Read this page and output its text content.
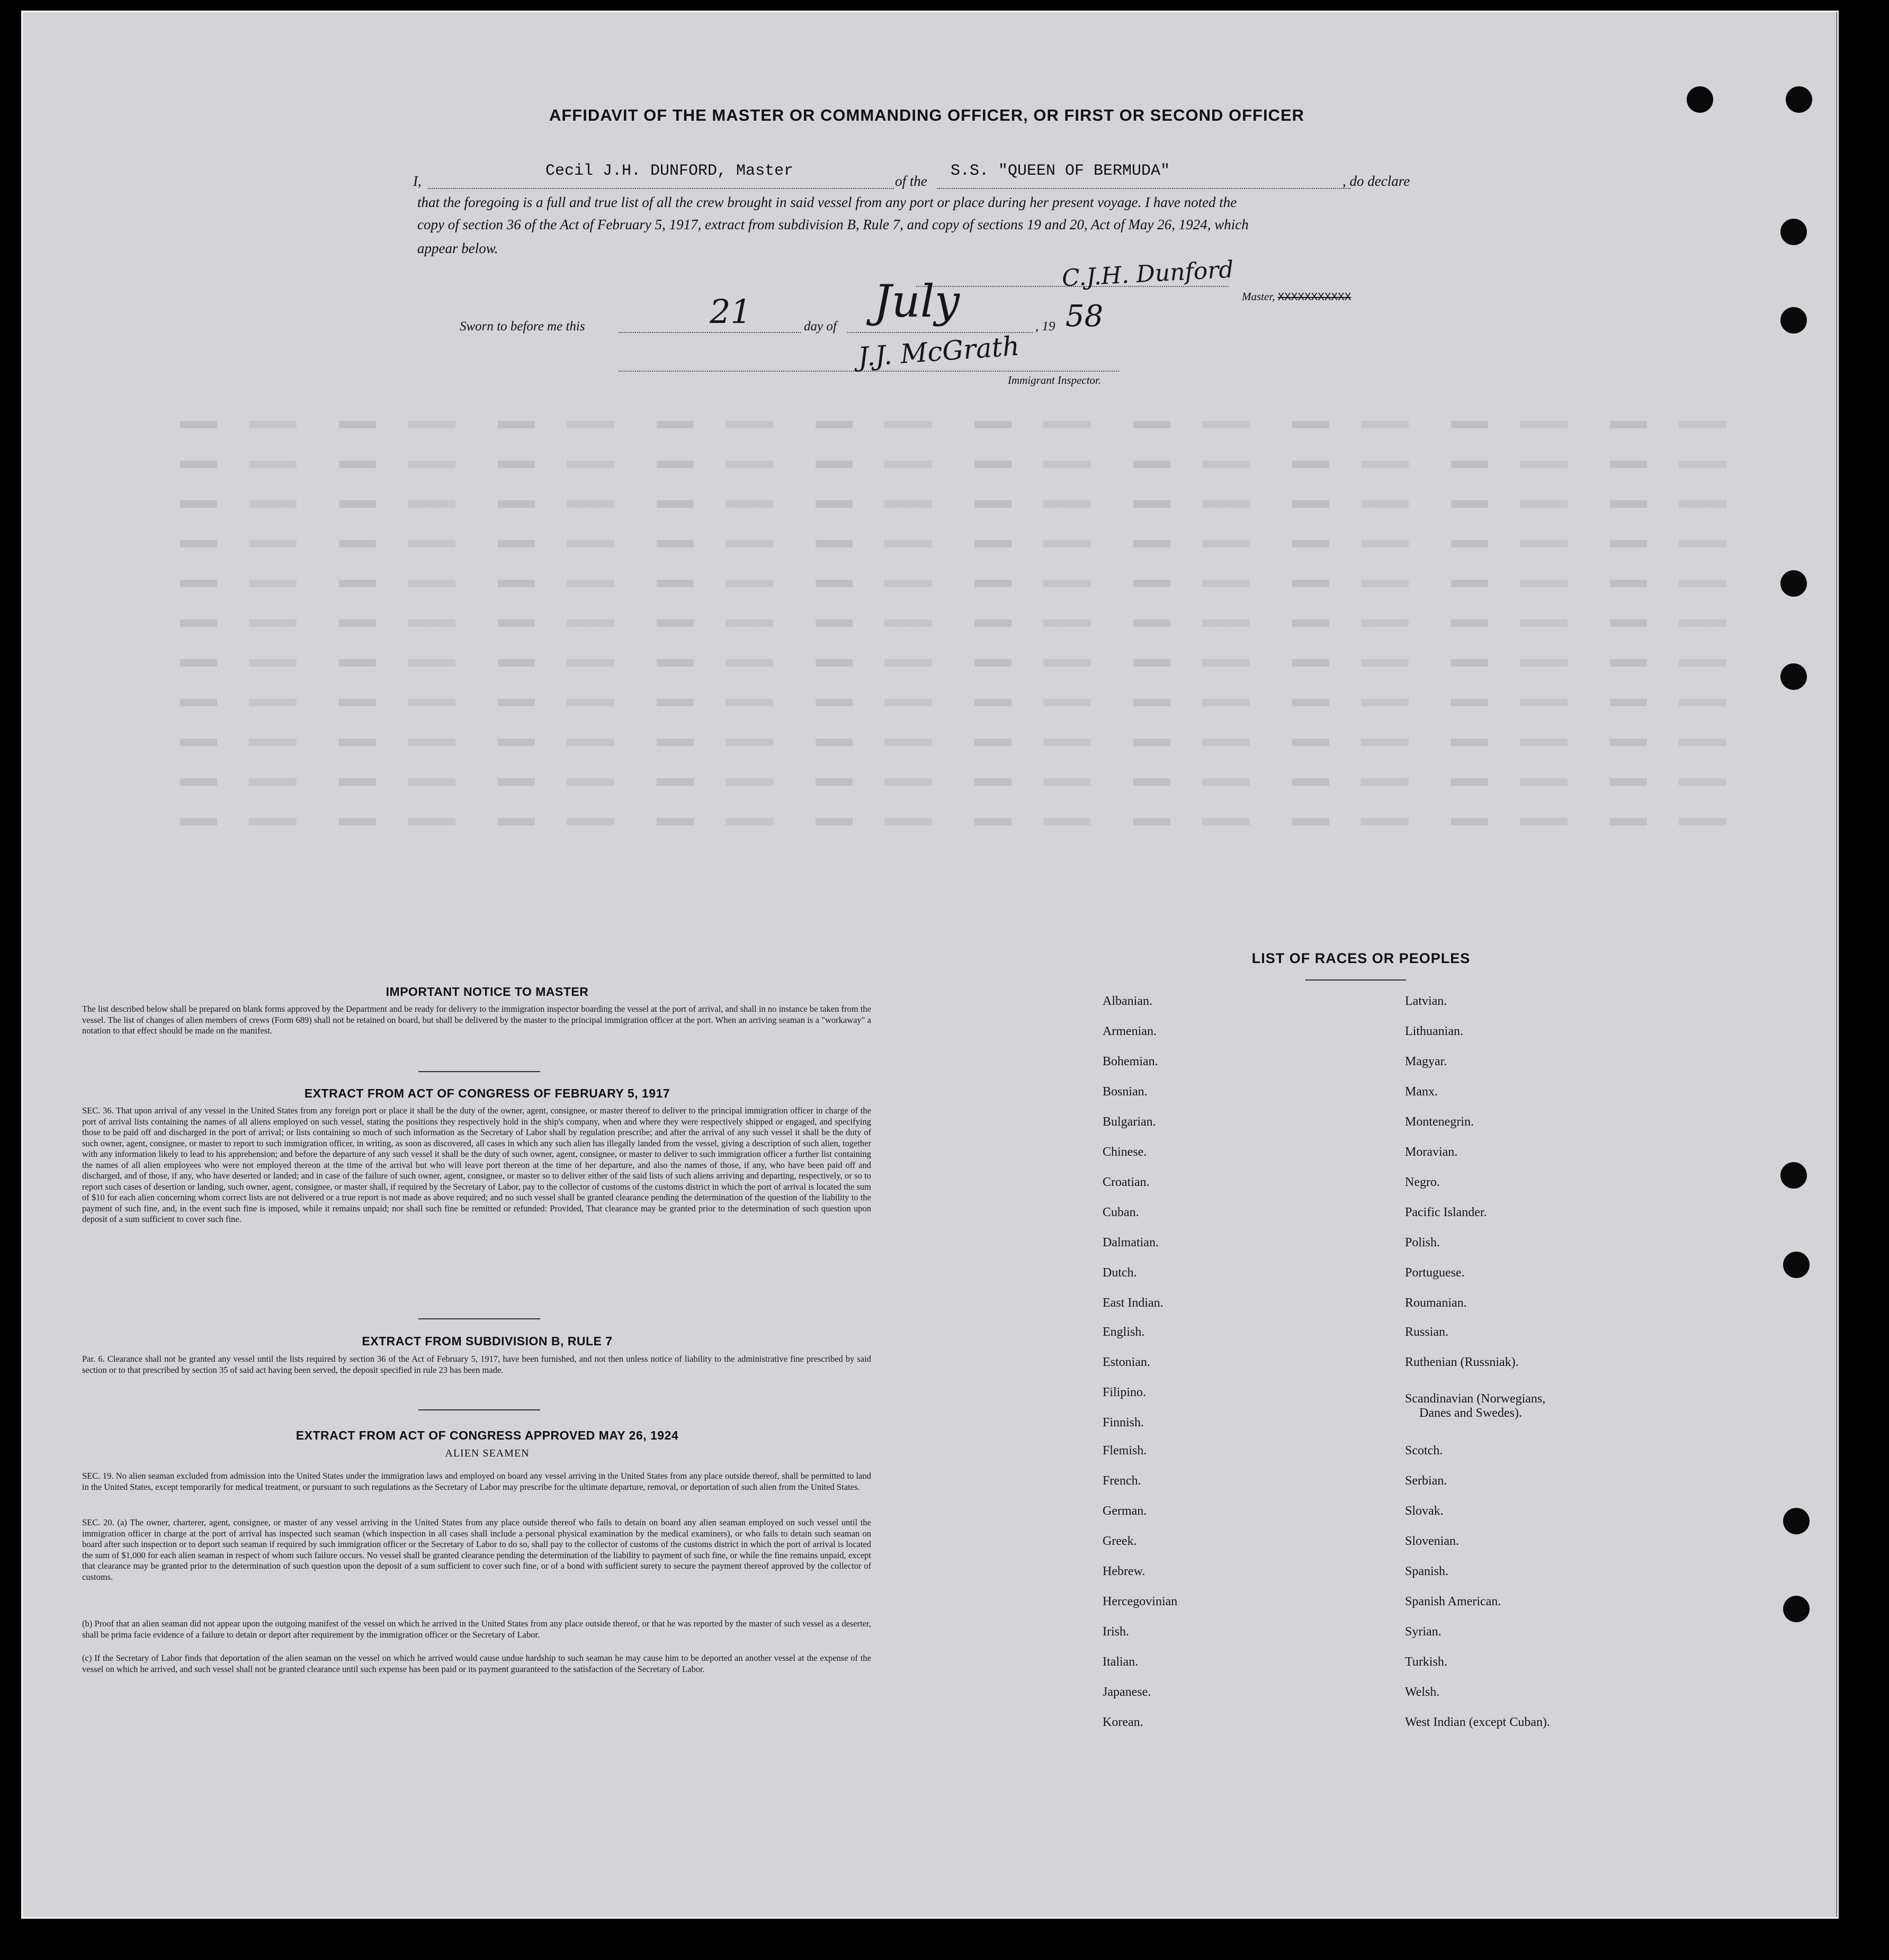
AFFIDAVIT OF THE MASTER OR COMMANDING OFFICER, OR FIRST OR SECOND OFFICER
I,
Cecil J.H. DUNFORD, Master
of the
S.S. "QUEEN OF BERMUDA"
, do declare
that the foregoing is a full and true list of all the crew brought in said vessel from any port or place during her present voyage. I have noted the
copy of section 36 of the Act of February 5, 1917, extract from subdivision B, Rule 7, and copy of sections 19 and 20, Act of May 26, 1924, which
appear below.
C.J.H. Dunford
Master, XXXXXXXXXXX
Sworn to before me this	21	day of July	, 19 58
J.J. McGrath
Immigrant Inspector.
IMPORTANT NOTICE TO MASTER
The list described below shall be prepared on blank forms approved by the Department and be ready for delivery to the immigration inspector boarding the vessel at the port of arrival, and shall in no instance be taken from the vessel. The list of changes of alien members of crews (Form 689) shall not be retained on board, but shall be delivered by the master to the principal immigration officer at the port. When an arriving seaman is a "workaway" a notation to that effect should be made on the manifest.
EXTRACT FROM ACT OF CONGRESS OF FEBRUARY 5, 1917
SEC. 36. That upon arrival of any vessel in the United States from any foreign port or place it shall be the duty of the owner, agent, consignee, or master thereof to deliver to the principal immigration officer in charge of the port of arrival lists containing the names of all aliens employed on such vessel, stating the positions they respectively hold in the ship's company, when and where they were respectively shipped or engaged, and specifying those to be paid off and discharged in the port of arrival; or lists containing so much of such information as the Secretary of Labor shall by regulation prescribe; and after the arrival of any such vessel it shall be the duty of such owner, agent, consignee, or master to report to such immigration officer, in writing, as soon as discovered, all cases in which any such alien has illegally landed from the vessel, giving a description of such alien, together with any information likely to lead to his apprehension; and before the departure of any such vessel it shall be the duty of such owner, agent, consignee, or master to deliver to such immigration officer a further list containing the names of all alien employees who were not employed thereon at the time of the arrival but who will leave port thereon at the time of her departure, and also the names of those, if any, who have been paid off and discharged, and of those, if any, who have deserted or landed; and in case of the failure of such owner, agent, consignee, or master so to deliver either of the said lists of such aliens arriving and departing, respectively, or so to report such cases of desertion or landing, such owner, agent, consignee, or master shall, if required by the Secretary of Labor, pay to the collector of customs of the customs district in which the port of arrival is located the sum of $10 for each alien concerning whom correct lists are not delivered or a true report is not made as above required; and no such vessel shall be granted clearance pending the determination of the question of the liability to the payment of such fine, and, in the event such fine is imposed, while it remains unpaid; nor shall such fine be remitted or refunded: Provided, That clearance may be granted prior to the determination of such question upon deposit of a sum sufficient to cover such fine.
EXTRACT FROM SUBDIVISION B, RULE 7
Par. 6. Clearance shall not be granted any vessel until the lists required by section 36 of the Act of February 5, 1917, have been furnished, and not then unless notice of liability to the administrative fine prescribed by said section or to that prescribed by section 35 of said act having been served, the deposit specified in rule 23 has been made.
EXTRACT FROM ACT OF CONGRESS APPROVED MAY 26, 1924
ALIEN SEAMEN
SEC. 19. No alien seaman excluded from admission into the United States under the immigration laws and employed on board any vessel arriving in the United States from any place outside thereof, shall be permitted to land in the United States, except temporarily for medical treatment, or pursuant to such regulations as the Secretary of Labor may prescribe for the ultimate departure, removal, or deportation of such alien from the United States.
SEC. 20. (a) The owner, charterer, agent, consignee, or master of any vessel arriving in the United States from any place outside thereof who fails to detain on board any alien seaman employed on such vessel until the immigration officer in charge at the port of arrival has inspected such seaman (which inspection in all cases shall include a personal physical examination by the medical examiners), or who fails to detain such seaman on board after such inspection or to deport such seaman if required by such immigration officer or the Secretary of Labor to do so, shall pay to the collector of customs of the customs district in which the port of arrival is located the sum of $1,000 for each alien seaman in respect of whom such failure occurs. No vessel shall be granted clearance pending the determination of the liability to payment of such fine, or while the fine remains unpaid, except that clearance may be granted prior to the determination of such question upon the deposit of a sum sufficient to cover such fine, or of a bond with sufficient surety to secure the payment thereof approved by the collector of customs.
(b) Proof that an alien seaman did not appear upon the outgoing manifest of the vessel on which he arrived in the United States from any place outside thereof, or that he was reported by the master of such vessel as a deserter, shall be prima facie evidence of a failure to detain or deport after requirement by the immigration officer or the Secretary of Labor.
(c) If the Secretary of Labor finds that deportation of the alien seaman on the vessel on which he arrived would cause undue hardship to such seaman he may cause him to be deported an another vessel at the expense of the vessel on which he arrived, and such vessel shall not be granted clearance until such expense has been paid or its payment guaranteed to the satisfaction of the Secretary of Labor.
LIST OF RACES OR PEOPLES
Albanian.
Armenian.
Bohemian.
Bosnian.
Bulgarian.
Chinese.
Croatian.
Cuban.
Dalmatian.
Dutch.
East Indian.
English.
Estonian.
Filipino.
Finnish.
Flemish.
French.
German.
Greek.
Hebrew.
Hercegovinian
Irish.
Italian.
Japanese.
Korean.
Latvian.
Lithuanian.
Magyar.
Manx.
Montenegrin.
Moravian.
Negro.
Pacific Islander.
Polish.
Portuguese.
Roumanian.
Russian.
Ruthenian (Russniak).
Scandinavian (Norwegians,
Danes and Swedes).
Scotch.
Serbian.
Slovak.
Slovenian.
Spanish.
Spanish American.
Syrian.
Turkish.
Welsh.
West Indian (except Cuban).
